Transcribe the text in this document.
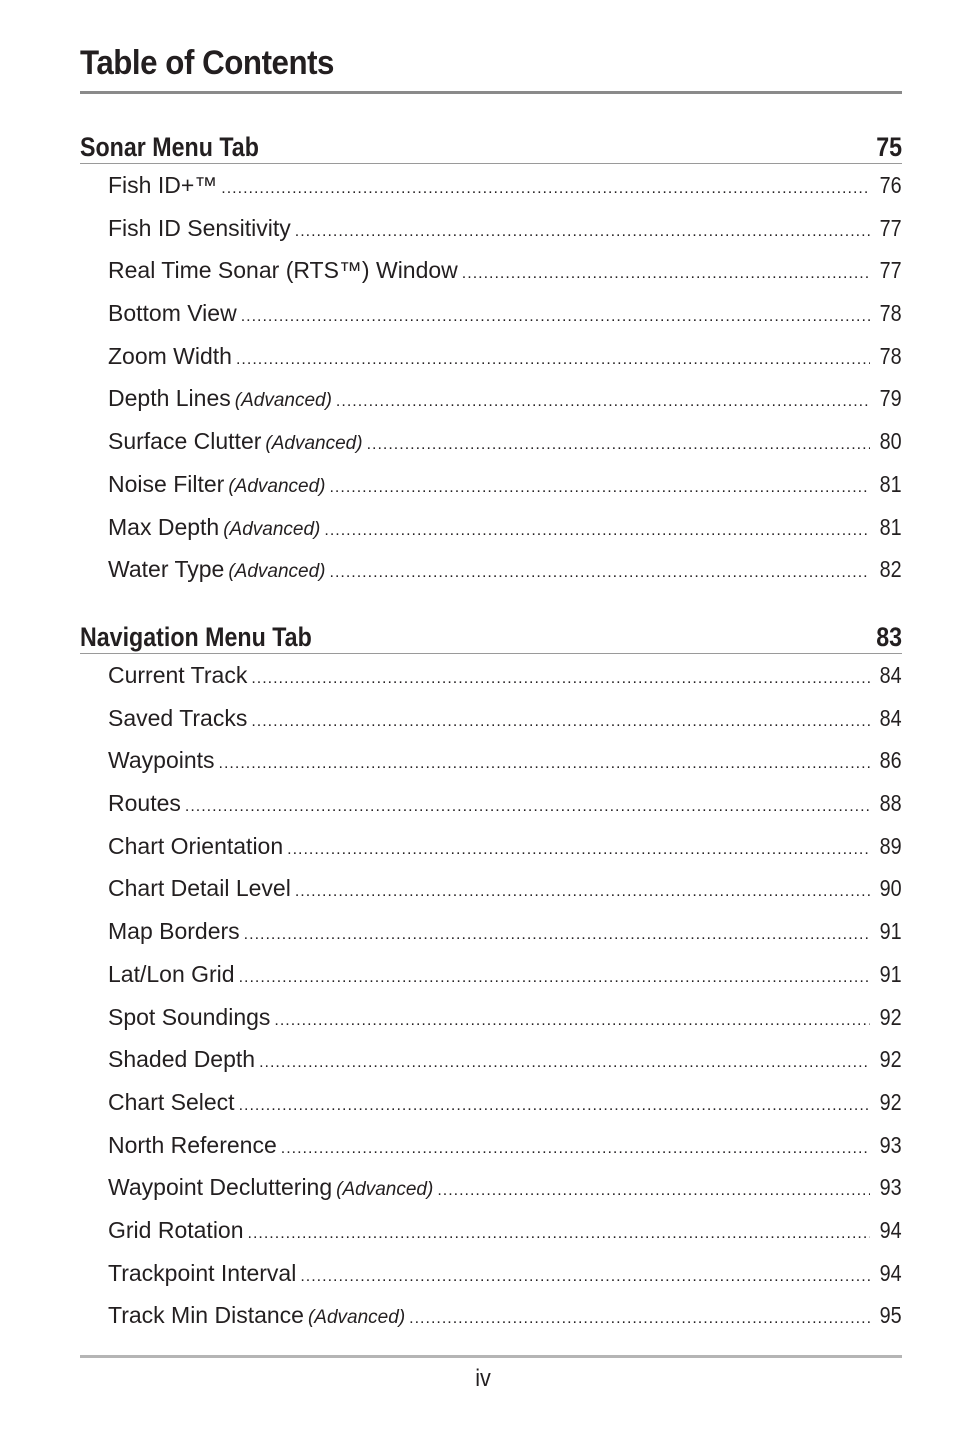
Table of Contents
Sonar Menu Tab	75
Fish ID+™ .....	76
Fish ID Sensitivity .....	77
Real Time Sonar (RTS™) Window .....	77
Bottom View .....	78
Zoom Width .....	78
Depth Lines (Advanced) .....	79
Surface Clutter (Advanced) .....	80
Noise Filter (Advanced) .....	81
Max Depth (Advanced) .....	81
Water Type (Advanced) .....	82
Navigation Menu Tab	83
Current Track .....	84
Saved Tracks .....	84
Waypoints .....	86
Routes .....	88
Chart Orientation .....	89
Chart Detail Level .....	90
Map Borders .....	91
Lat/Lon Grid .....	91
Spot Soundings .....	92
Shaded Depth .....	92
Chart Select .....	92
North Reference .....	93
Waypoint Decluttering (Advanced) .....	93
Grid Rotation .....	94
Trackpoint Interval .....	94
Track Min Distance (Advanced) .....	95
iv
